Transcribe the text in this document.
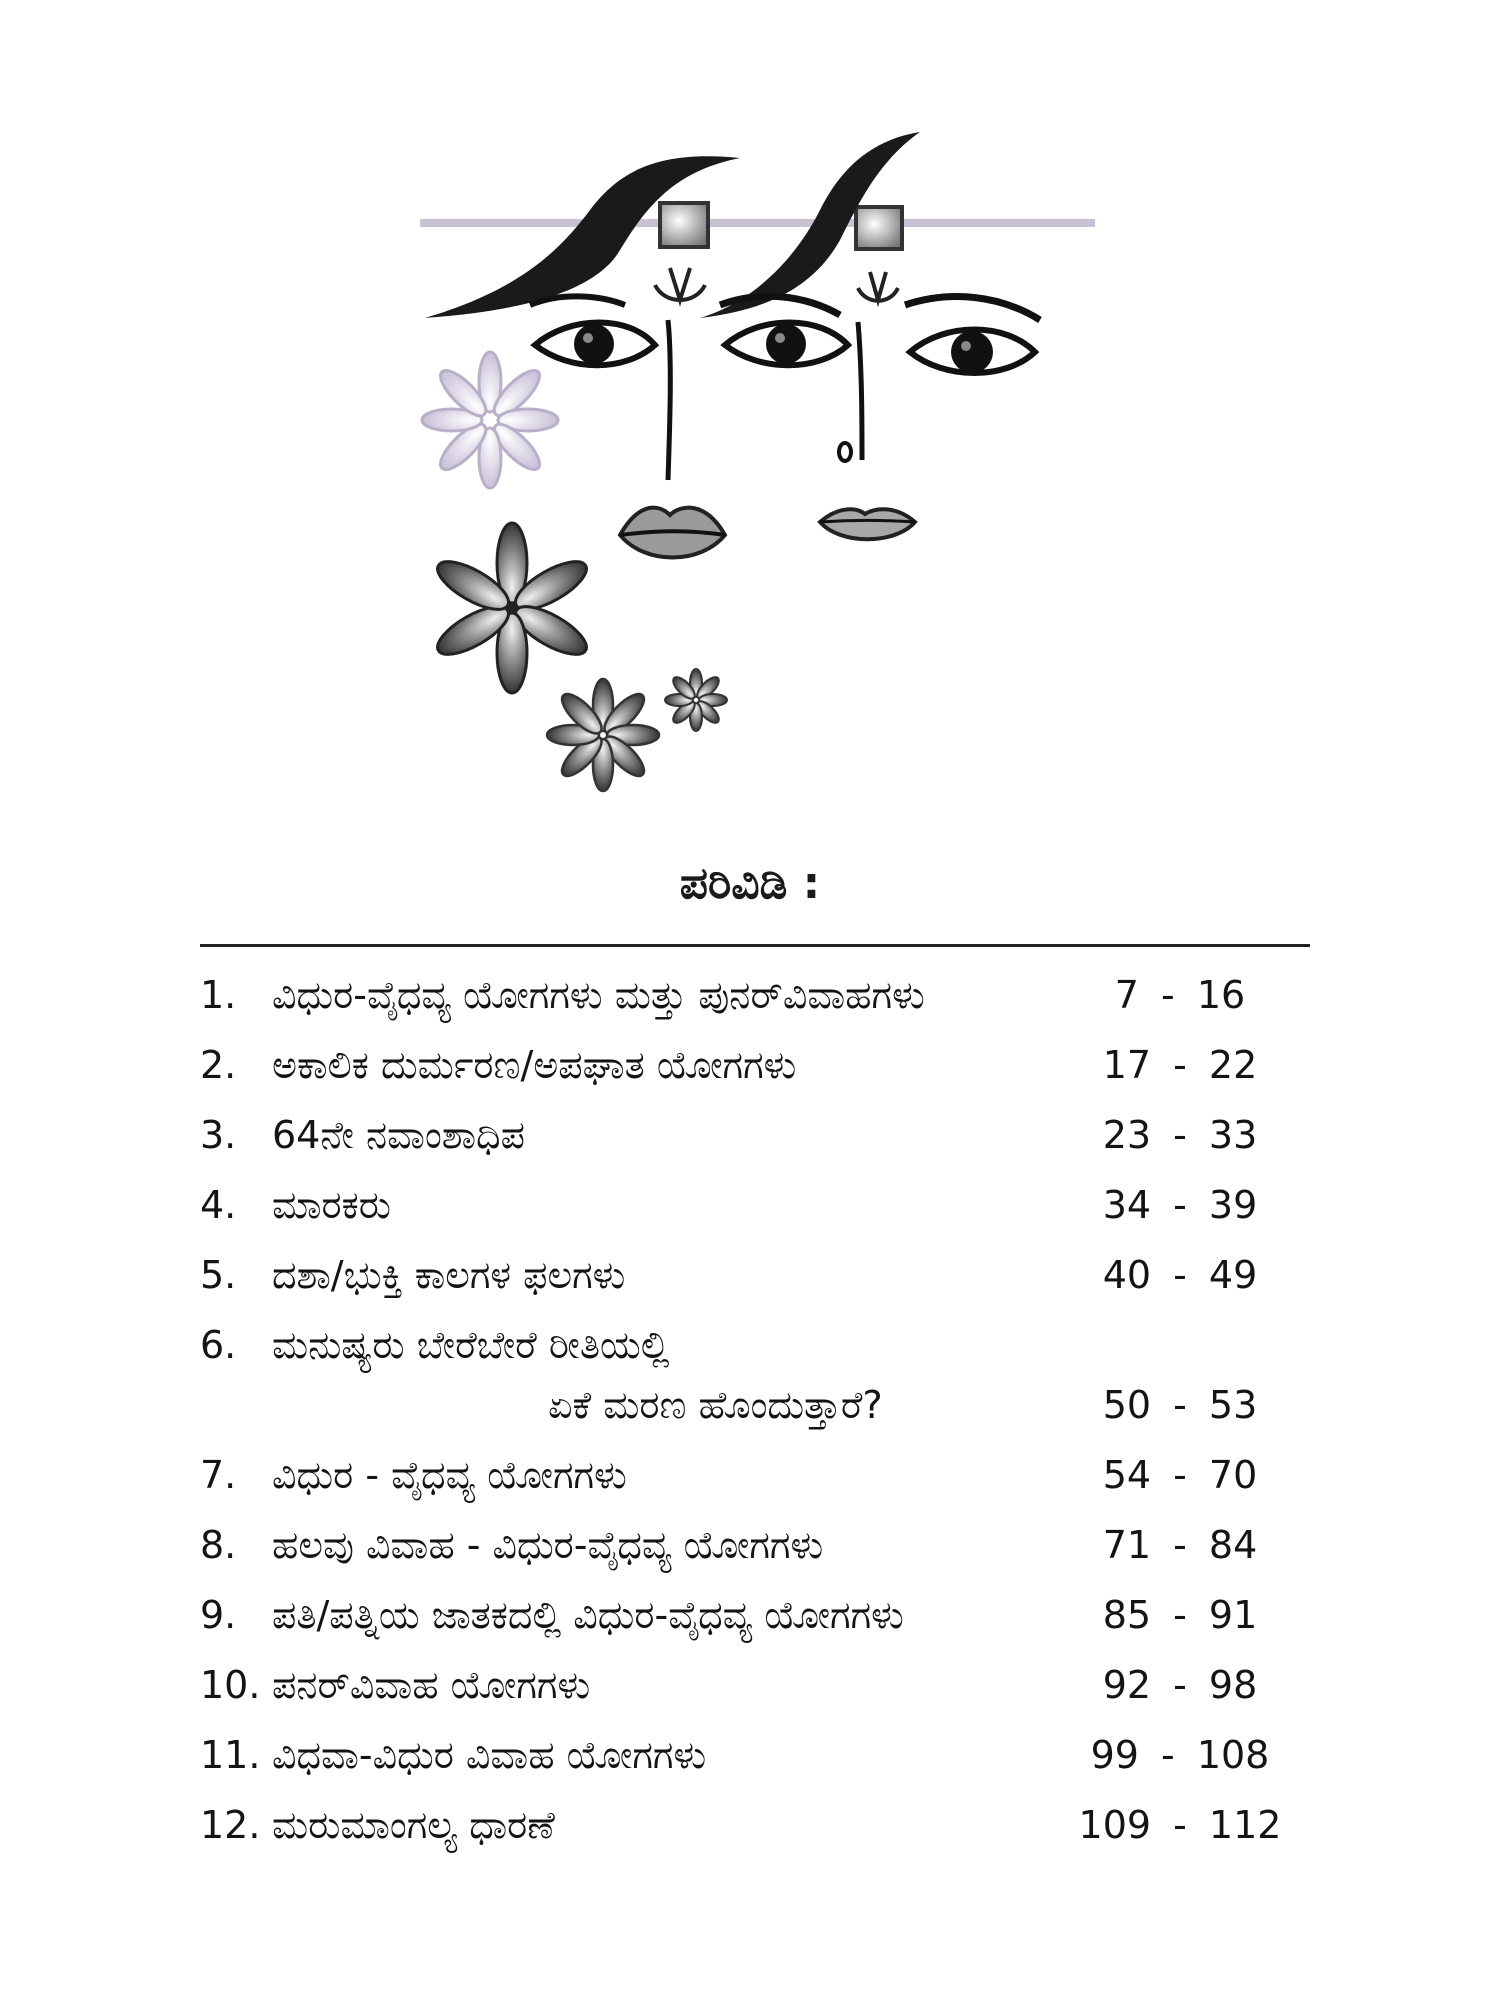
ಪರಿವಿಡಿ :
1. ವಿಧುರ-ವೈಧವ್ಯ ಯೋಗಗಳು ಮತ್ತು ಪುನರ್‌ವಿವಾಹಗಳು	7 - 16
2. ಅಕಾಲಿಕ ದುರ್ಮರಣ/ಅಪಘಾತ ಯೋಗಗಳು	17 - 22
3. 64ನೇ ನವಾಂಶಾಧಿಪ	23 - 33
4. ಮಾರಕರು	34 - 39
5. ದಶಾ/ಭುಕ್ತಿ ಕಾಲಗಳ ಫಲಗಳು	40 - 49
6. ಮನುಷ್ಯರು ಬೇರೆಬೇರೆ ರೀತಿಯಲ್ಲಿ
ಏಕೆ ಮರಣ ಹೊಂದುತ್ತಾರೆ?	50 - 53
7. ವಿಧುರ - ವೈಧವ್ಯ ಯೋಗಗಳು	54 - 70
8. ಹಲವು ವಿವಾಹ - ವಿಧುರ-ವೈಧವ್ಯ ಯೋಗಗಳು	71 - 84
9. ಪತಿ/ಪತ್ನಿಯ ಜಾತಕದಲ್ಲಿ ವಿಧುರ-ವೈಧವ್ಯ ಯೋಗಗಳು	85 - 91
10. ಪನರ್‌ವಿವಾಹ ಯೋಗಗಳು	92 - 98
11. ವಿಧವಾ-ವಿಧುರ ವಿವಾಹ ಯೋಗಗಳು	99 - 108
12. ಮರುಮಾಂಗಲ್ಯ ಧಾರಣೆ	109 - 112
